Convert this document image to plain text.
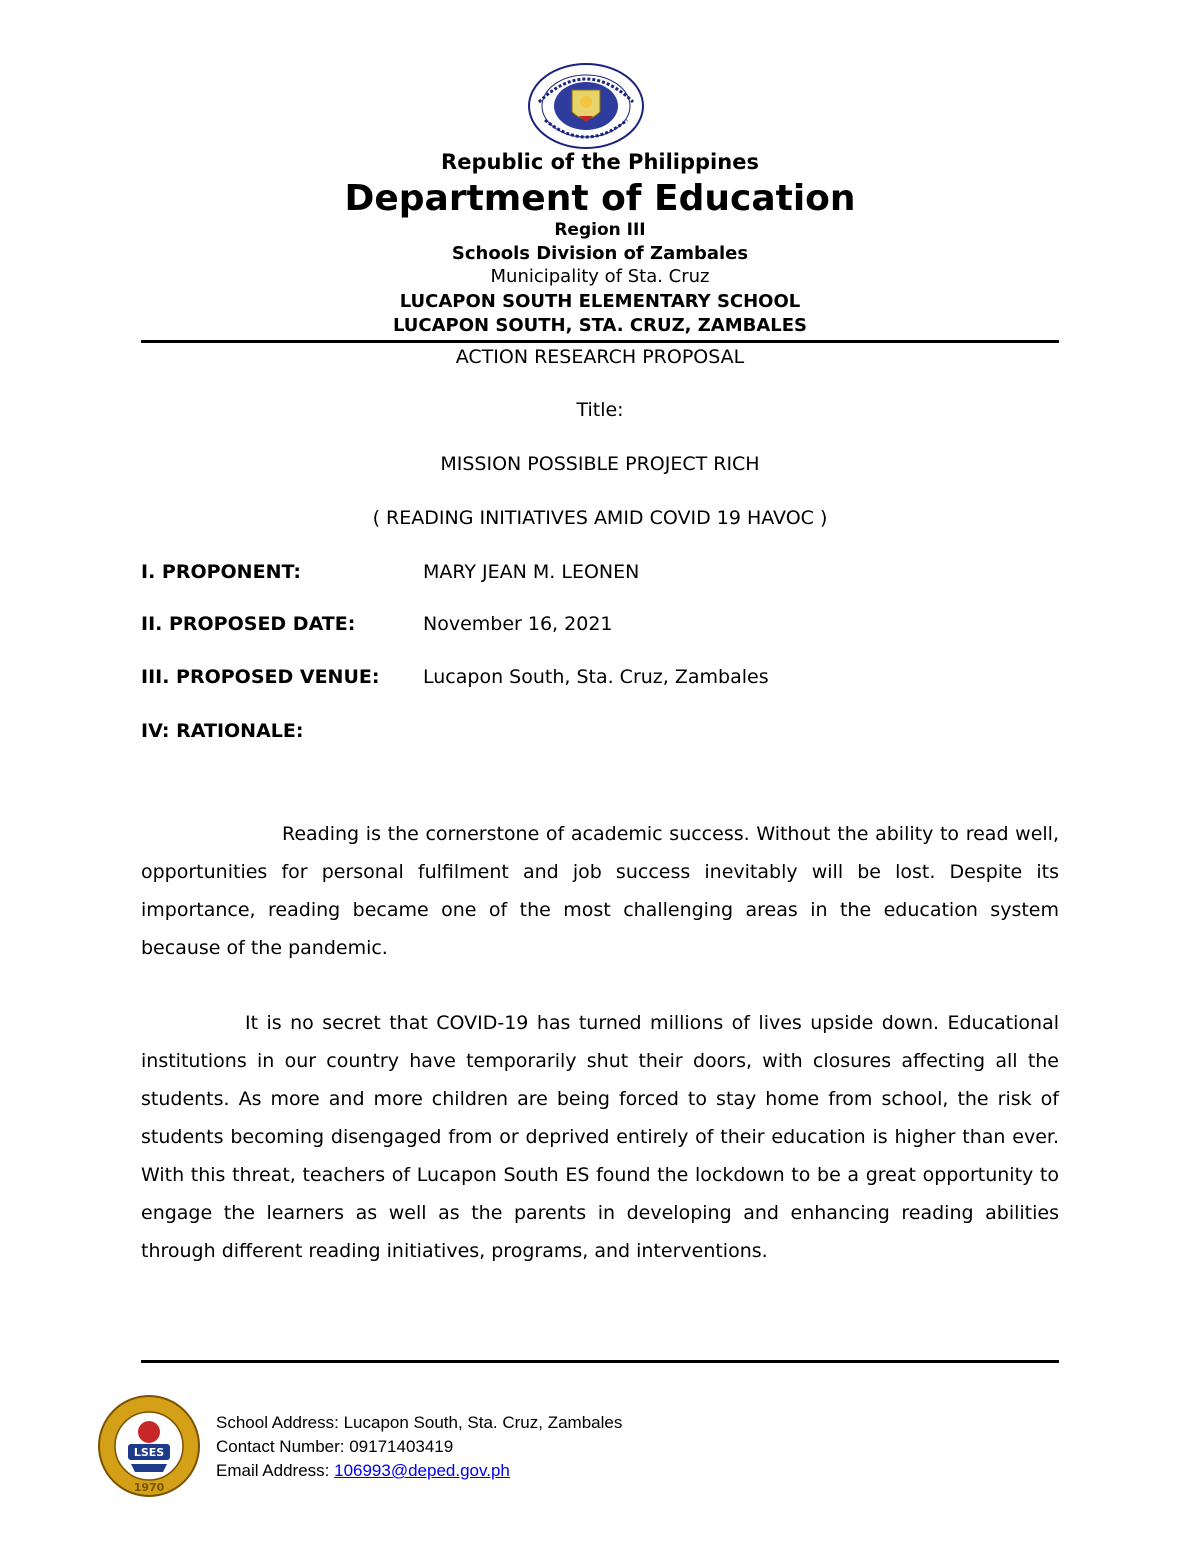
Republic of the Philippines
Department of Education
Region III
Schools Division of Zambales
Municipality of Sta. Cruz
LUCAPON SOUTH ELEMENTARY SCHOOL
LUCAPON SOUTH, STA. CRUZ, ZAMBALES
ACTION RESEARCH PROPOSAL
Title:
MISSION POSSIBLE PROJECT RICH
( READING INITIATIVES AMID COVID 19 HAVOC )
I. PROPONENT:	MARY JEAN M. LEONEN
II. PROPOSED DATE:	November 16, 2021
III. PROPOSED VENUE: Lucapon South, Sta. Cruz, Zambales
IV: RATIONALE:

Reading is the cornerstone of academic success. Without the ability to read well, opportunities for personal fulfilment and job success inevitably will be lost. Despite its importance, reading became one of the most challenging areas in the education system because of the pandemic.

It is no secret that COVID-19 has turned millions of lives upside down. Educational institutions in our country have temporarily shut their doors, with closures affecting all the students. As more and more children are being forced to stay home from school, the risk of students becoming disengaged from or deprived entirely of their education is higher than ever. With this threat, teachers of Lucapon South ES found the lockdown to be a great opportunity to engage the learners as well as the parents in developing and enhancing reading abilities through different reading initiatives, programs, and interventions.

LSES
1970
School Address: Lucapon South, Sta. Cruz, Zambales
Contact Number: 09171403419
Email Address: 106993@deped.gov.ph
